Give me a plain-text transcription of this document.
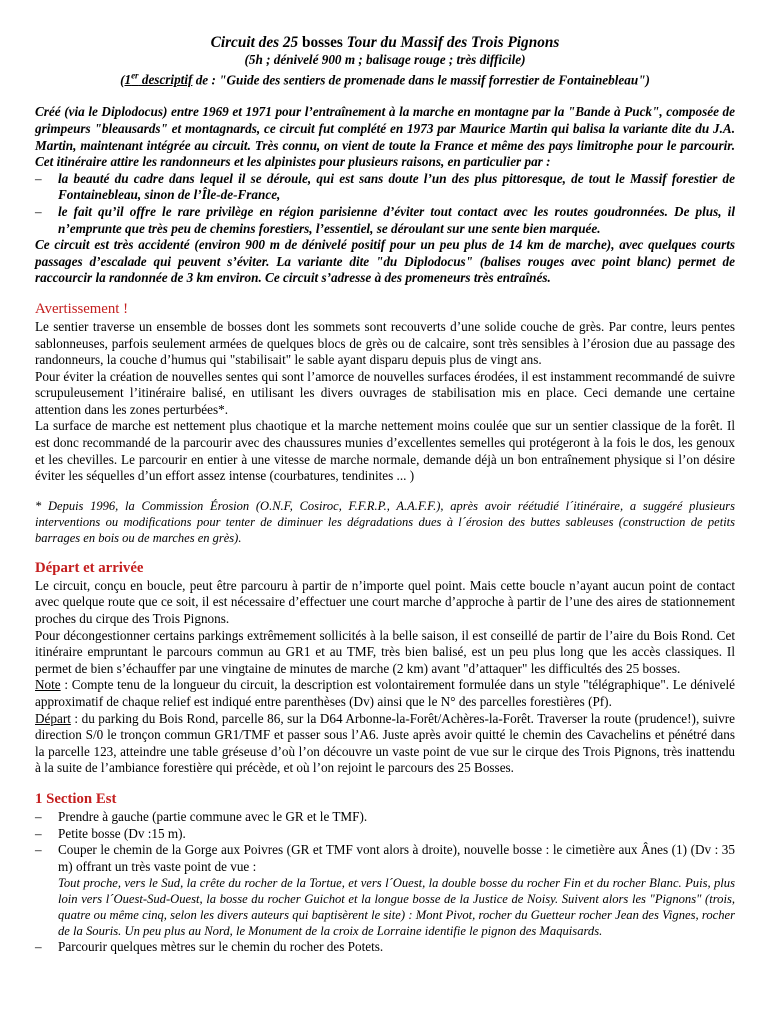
Circuit des 25 bosses Tour du Massif des Trois Pignons
(5h ; dénivelé 900 m ; balisage rouge ; très difficile)
(1er descriptif de : "Guide des sentiers de promenade dans le massif forrestier de Fontainebleau")

Créé (via le Diplodocus) entre 1969 et 1971 pour l’entraînement à la marche en montagne par la "Bande à Puck", composée de grimpeurs "bleausards" et montagnards, ce circuit fut complété en 1973 par Maurice Martin qui balisa la variante dite du J.A. Martin, maintenant intégrée au circuit. Très connu, on vient de toute la France et même des pays limitrophe pour le parcourir. Cet itinéraire attire les randonneurs et les alpinistes pour plusieurs raisons, en particulier par :

– la beauté du cadre dans lequel il se déroule, qui est sans doute l’un des plus pittoresque, de tout le Massif forestier de Fontainebleau, sinon de l’Île-de-France,
– le fait qu’il offre le rare privilège en région parisienne d’éviter tout contact avec les routes goudronnées. De plus, il n’emprunte que très peu de chemins forestiers, l’essentiel, se déroulant sur une sente bien marquée.

Ce circuit est très accidenté (environ 900 m de dénivelé positif pour un peu plus de 14 km de marche), avec quelques courts passages d’escalade qui peuvent s’éviter. La variante dite "du Diplodocus" (balises rouges avec point blanc) permet de raccourcir la randonnée de 3 km environ. Ce circuit s’adresse à des promeneurs très entraînés.

Avertissement !

Le sentier traverse un ensemble de bosses dont les sommets sont recouverts d’une solide couche de grès. Par contre, leurs pentes sablonneuses, parfois seulement armées de quelques blocs de grès ou de calcaire, sont très sensibles à l’érosion due au passage des randonneurs, la couche d’humus qui "stabilisait" le sable ayant disparu depuis plus de vingt ans.

Pour éviter la création de nouvelles sentes qui sont l’amorce de nouvelles surfaces érodées, il est instamment recommandé de suivre scrupuleusement l’itinéraire balisé, en utilisant les divers ouvrages de stabilisation mis en place. Ceci demande une certaine attention dans les zones perturbées*.

La surface de marche est nettement plus chaotique et la marche nettement moins coulée que sur un sentier classique de la forêt. Il est donc recommandé de la parcourir avec des chaussures munies d’excellentes semelles qui protégeront à la fois le dos, les genoux et les chevilles. Le parcourir en entier à une vitesse de marche normale, demande déjà un bon entraînement physique si l’on désire éviter les séquelles d’un effort assez intense (courbatures, tendinites ... )

* Depuis 1996, la Commission Érosion (O.N.F, Cosiroc, F.F.R.P., A.A.F.F.), après avoir réétudié l´itinéraire, a suggéré plusieurs interventions ou modifications pour tenter de diminuer les dégradations dues à l´érosion des buttes sableuses (construction de petits barrages en bois ou de marches en grès).

Départ et arrivée

Le circuit, conçu en boucle, peut être parcouru à partir de n’importe quel point. Mais cette boucle n’ayant aucun point de contact avec quelque route que ce soit, il est nécessaire d’effectuer une court marche d’approche à partir de l’une des aires de stationnement proches du cirque des Trois Pignons.

Pour décongestionner certains parkings extrêmement sollicités à la belle saison, il est conseillé de partir de l’aire du Bois Rond. Cet itinéraire empruntant le parcours commun au GR1 et au TMF, très bien balisé, est un peu plus long que les accès classiques. Il permet de bien s’échauffer par une vingtaine de minutes de marche (2 km) avant "d’attaquer" les difficultés des 25 bosses.

Note : Compte tenu de la longueur du circuit, la description est volontairement formulée dans un style "télégraphique". Le dénivelé approximatif de chaque relief est indiqué entre parenthèses (Dv) ainsi que le N° des parcelles forestières (Pf).

Départ : du parking du Bois Rond, parcelle 86, sur la D64 Arbonne-la-Forêt/Achères-la-Forêt. Traverser la route (prudence!), suivre direction S/0 le tronçon commun GR1/TMF et passer sous l’A6. Juste après avoir quitté le chemin des Cavachelins et pénétré dans la parcelle 123, atteindre une table gréseuse d’où l’on découvre un vaste point de vue sur le cirque des Trois Pignons, très inattendu à la suite de l’ambiance forestière qui précède, et où l’on rejoint le parcours des 25 Bosses.

1 Section Est
– Prendre à gauche (partie commune avec le GR et le TMF).
– Petite bosse (Dv :15 m).
– Couper le chemin de la Gorge aux Poivres (GR et TMF vont alors à droite), nouvelle bosse : le cimetière aux Ânes (1) (Dv : 35 m) offrant un très vaste point de vue :
Tout proche, vers le Sud, la crête du rocher de la Tortue, et vers l´Ouest, la double bosse du rocher Fin et du rocher Blanc. Puis, plus loin vers l´Ouest-Sud-Ouest, la bosse du rocher Guichot et la longue bosse de la Justice de Noisy. Suivent alors les "Pignons" (trois, quatre ou même cinq, selon les divers auteurs qui baptisèrent le site) : Mont Pivot, rocher du Guetteur rocher Jean des Vignes, rocher de la Souris. Un peu plus au Nord, le Monument de la croix de Lorraine identifie le pignon des Maquisards.
– Parcourir quelques mètres sur le chemin du rocher des Potets.
